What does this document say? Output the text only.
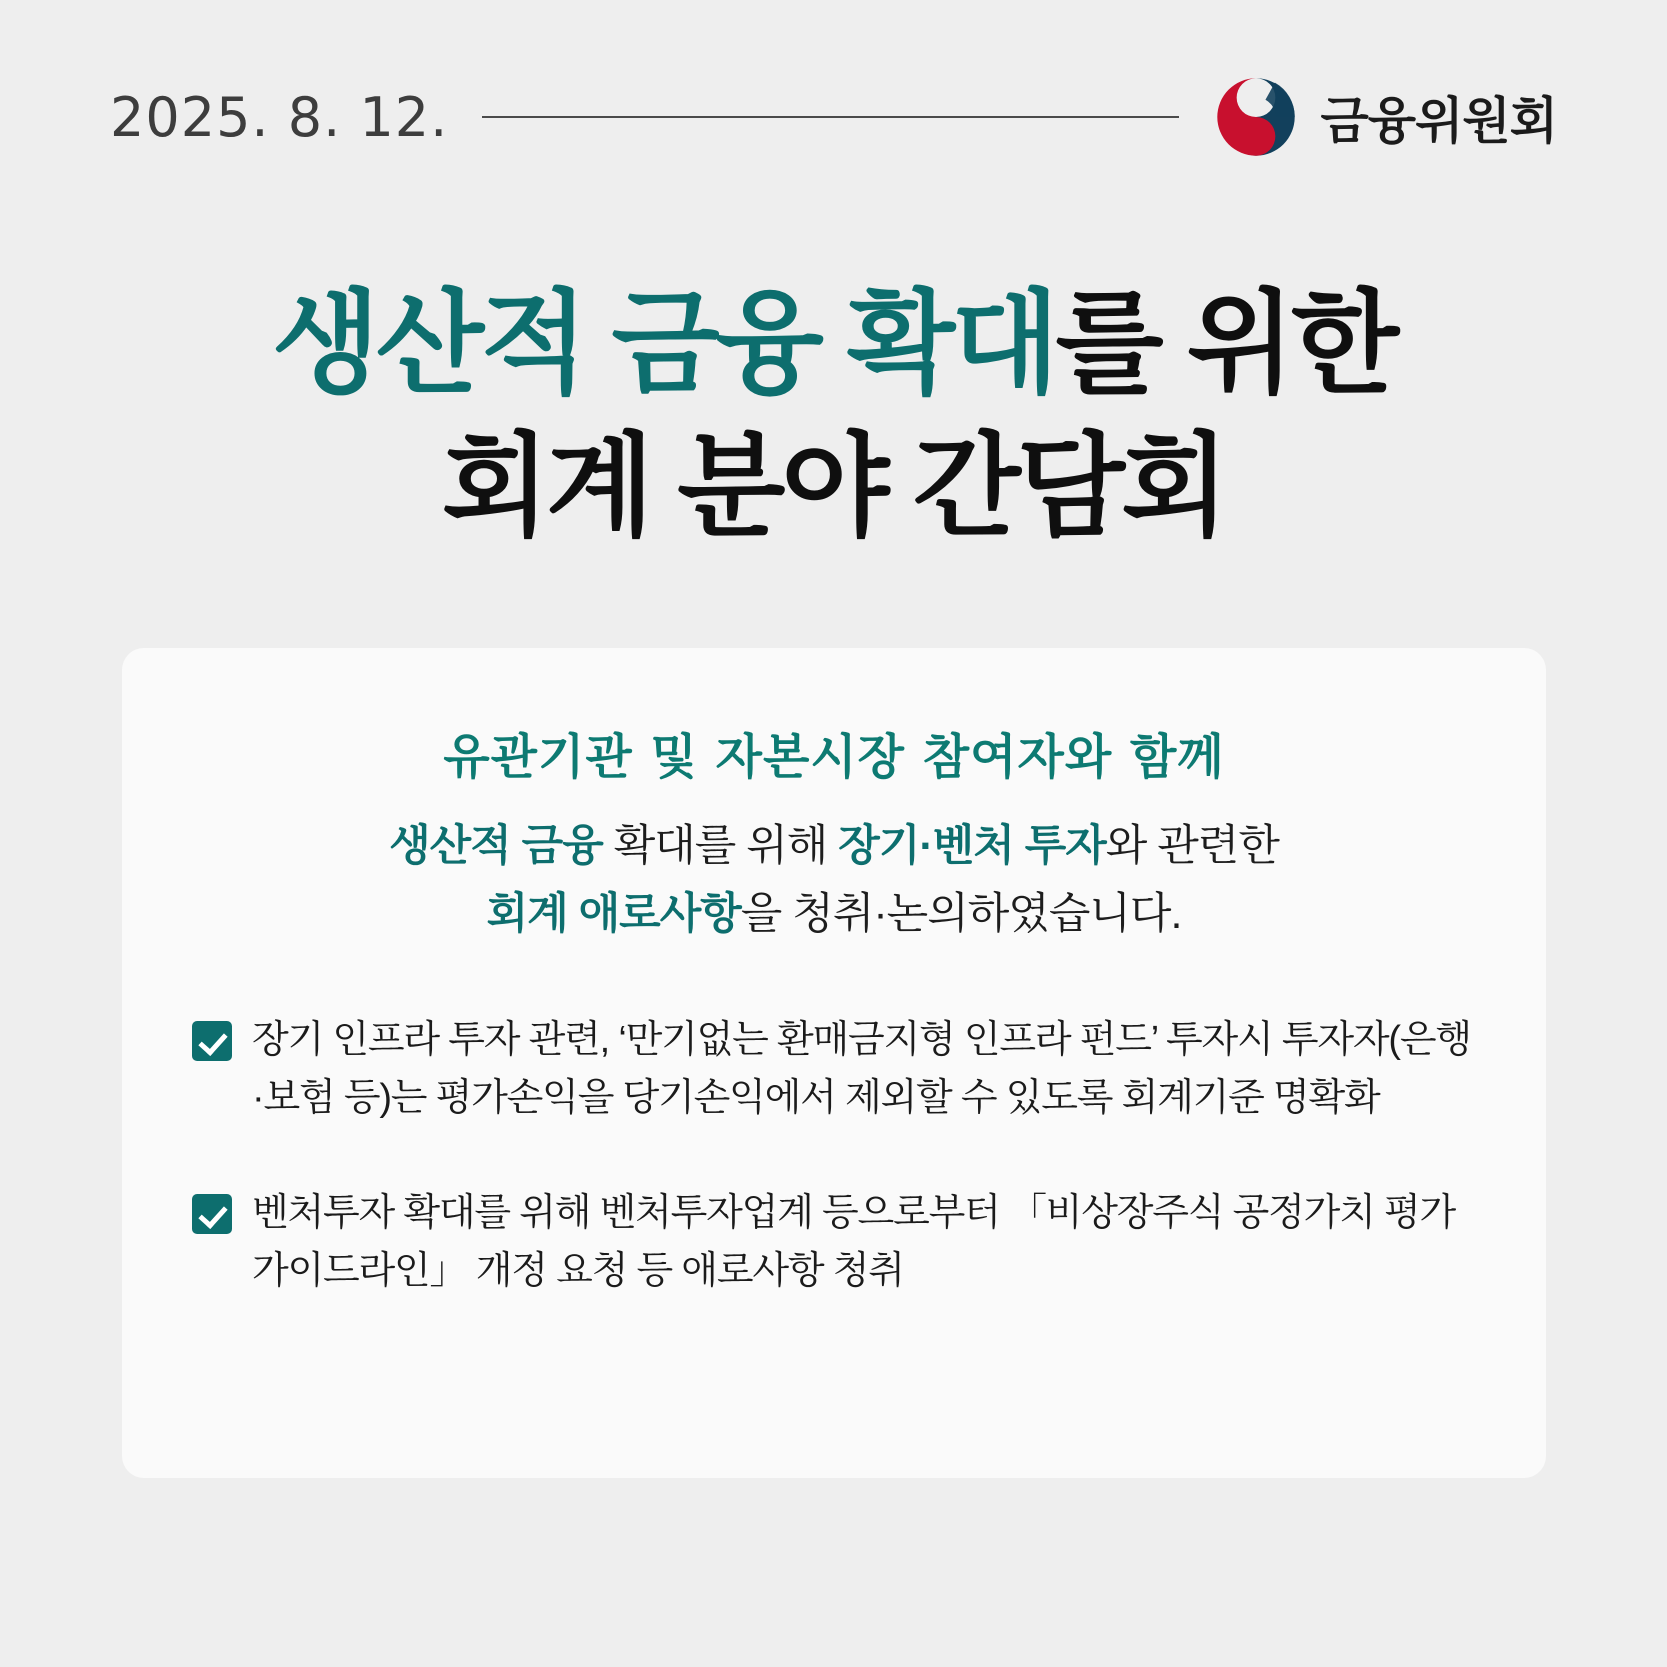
2025. 8. 12.	금융위원회
생산적 금융 확대를 위한
회계 분야 간담회
유관기관 및 자본시장 참여자와 함께
생산적 금융 확대를 위해 장기·벤처 투자와 관련한
회계 애로사항을 청취·논의하였습니다.
장기 인프라 투자 관련, ‘만기없는 환매금지형 인프라 펀드’ 투자시 투자자(은행·보험 등)는 평가손익을 당기손익에서 제외할 수 있도록 회계기준 명확화
벤처투자 확대를 위해 벤처투자업계 등으로부터 「비상장주식 공정가치 평가 가이드라인」 개정 요청 등 애로사항 청취
